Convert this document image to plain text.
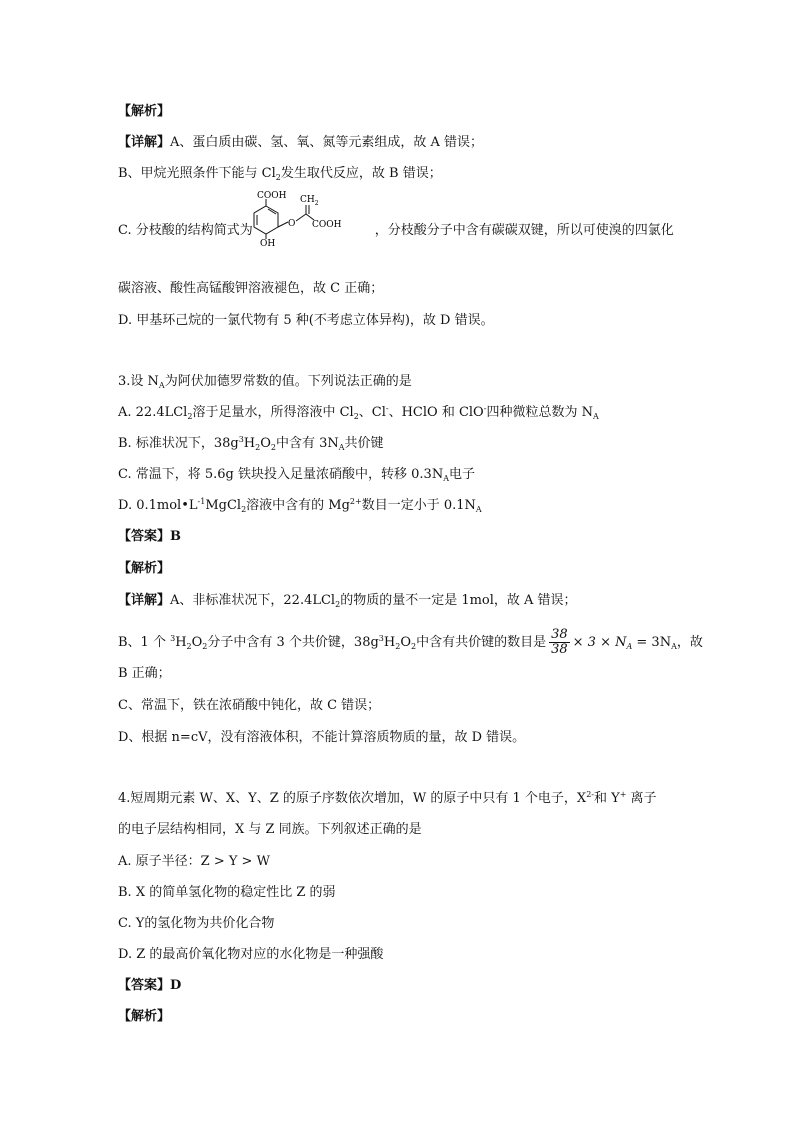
【解析】
【详解】A、蛋白质由碳、氢、氧、氮等元素组成，故 A 错误；
B、甲烷光照条件下能与 $Cl_2$发生取代反应，故 B 错误；
C. 分枝酸的结构简式为	，分枝酸分子中含有碳碳双键，所以可使溴的四氯化
COOH $CH_2$
O COOH
OH
碳溶液、酸性高锰酸钾溶液褪色，故 C 正确；
D. 甲基环己烷的一氯代物有 5 种(不考虑立体异构)，故 D 错误。
3.设 $N_A$为阿伏加德罗常数的值。下列说法正确的是
A. 22.4LCl$_2$溶于足量水，所得溶液中 $Cl_2$、Cl-、HClO 和 ClO-四种微粒总数为 $N_A$
B. 标准状况下，$38g^3H_2O_2$中含有 $3N_A$共价键
C. 常温下，将 5.6g 铁块投入足量浓硝酸中，转移 $0.3N_A$电子
D. $0.1mol•L^{-1}MgCl_2$溶液中含有的 $Mg^{2+}$数目一定小于 $0.1N_A$
【答案】B
【解析】
【详解】A、非标准状况下，22.4LCl$_2$的物质的量不一定是 1mol，故 A 错误；
B、1 个 $^3H_2O_2$分子中含有 3 个共价键，$38g^3H_2O_2$中含有共价键的数目是 $\frac{38}{38} \times 3 \times N_A = 3N_A$，故
B 正确；
C、常温下，铁在浓硝酸中钝化，故 C 错误；
D、根据 n=cV，没有溶液体积，不能计算溶质物质的量，故 D 错误。
4.短周期元素 W、X、Y、Z 的原子序数依次增加，W 的原子中只有 1 个电子，$X^{2-}$和 Y+ 离子
的电子层结构相同，X 与 Z 同族。下列叙述正确的是
A. 原子半径：Z > Y > W
B. X 的简单氢化物的稳定性比 Z 的弱
C. Y的氢化物为共价化合物
D. Z 的最高价氧化物对应的水化物是一种强酸
【答案】D
【解析】
